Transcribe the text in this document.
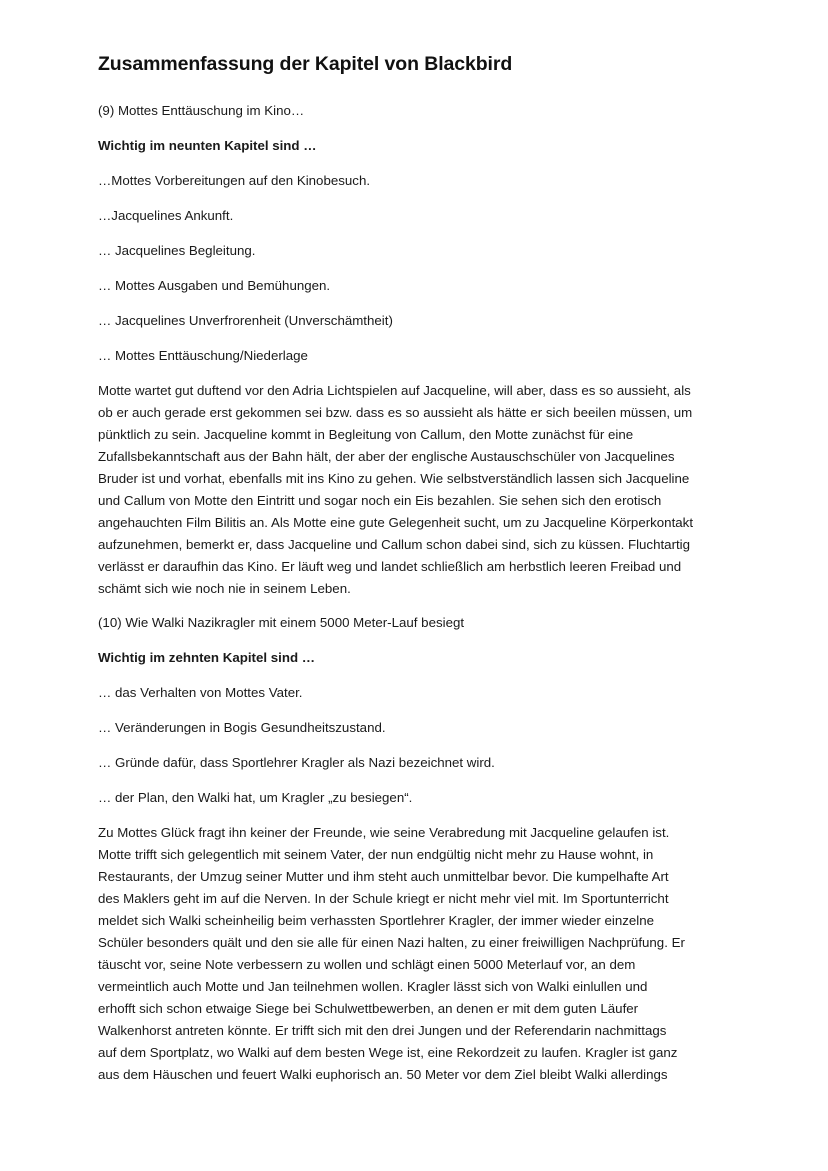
Zusammenfassung der Kapitel von Blackbird

(9) Mottes Enttäuschung im Kino…

Wichtig im neunten Kapitel sind …

…Mottes Vorbereitungen auf den Kinobesuch.

…Jacquelines Ankunft.

… Jacquelines Begleitung.

… Mottes Ausgaben und Bemühungen.

… Jacquelines Unverfrorenheit (Unverschämtheit)

… Mottes Enttäuschung/Niederlage

Motte wartet gut duftend vor den Adria Lichtspielen auf Jacqueline, will aber, dass es so aussieht, als
ob er auch gerade erst gekommen sei bzw. dass es so aussieht als hätte er sich beeilen müssen, um
pünktlich zu sein. Jacqueline kommt in Begleitung von Callum, den Motte zunächst für eine
Zufallsbekanntschaft aus der Bahn hält, der aber der englische Austauschschüler von Jacquelines
Bruder ist und vorhat, ebenfalls mit ins Kino zu gehen. Wie selbstverständlich lassen sich Jacqueline
und Callum von Motte den Eintritt und sogar noch ein Eis bezahlen. Sie sehen sich den erotisch
angehauchten Film Bilitis an. Als Motte eine gute Gelegenheit sucht, um zu Jacqueline Körperkontakt
aufzunehmen, bemerkt er, dass Jacqueline und Callum schon dabei sind, sich zu küssen. Fluchtartig
verlässt er daraufhin das Kino. Er läuft weg und landet schließlich am herbstlich leeren Freibad und
schämt sich wie noch nie in seinem Leben.

(10) Wie Walki Nazikragler mit einem 5000 Meter-Lauf besiegt

Wichtig im zehnten Kapitel sind …

… das Verhalten von Mottes Vater.

… Veränderungen in Bogis Gesundheitszustand.

… Gründe dafür, dass Sportlehrer Kragler als Nazi bezeichnet wird.

… der Plan, den Walki hat, um Kragler „zu besiegen“.

Zu Mottes Glück fragt ihn keiner der Freunde, wie seine Verabredung mit Jacqueline gelaufen ist.
Motte trifft sich gelegentlich mit seinem Vater, der nun endgültig nicht mehr zu Hause wohnt, in
Restaurants, der Umzug seiner Mutter und ihm steht auch unmittelbar bevor. Die kumpelhafte Art
des Maklers geht im auf die Nerven. In der Schule kriegt er nicht mehr viel mit. Im Sportunterricht
meldet sich Walki scheinheilig beim verhassten Sportlehrer Kragler, der immer wieder einzelne
Schüler besonders quält und den sie alle für einen Nazi halten, zu einer freiwilligen Nachprüfung. Er
täuscht vor, seine Note verbessern zu wollen und schlägt einen 5000 Meterlauf vor, an dem
vermeintlich auch Motte und Jan teilnehmen wollen. Kragler lässt sich von Walki einlullen und
erhofft sich schon etwaige Siege bei Schulwettbewerben, an denen er mit dem guten Läufer
Walkenhorst antreten könnte. Er trifft sich mit den drei Jungen und der Referendarin nachmittags
auf dem Sportplatz, wo Walki auf dem besten Wege ist, eine Rekordzeit zu laufen. Kragler ist ganz
aus dem Häuschen und feuert Walki euphorisch an. 50 Meter vor dem Ziel bleibt Walki allerdings
